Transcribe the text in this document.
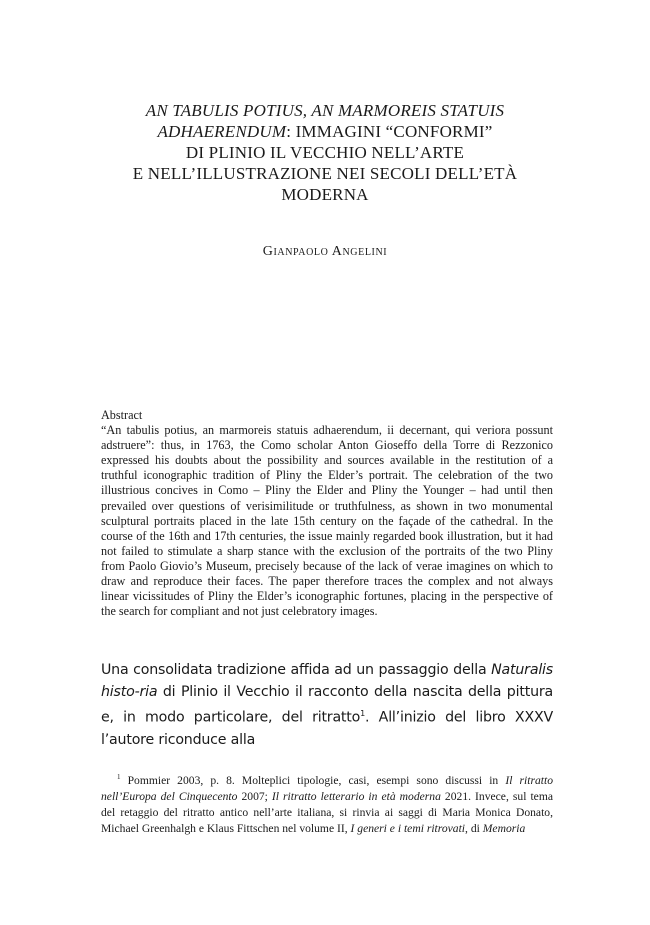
AN TABULIS POTIUS, AN MARMOREIS STATUIS
ADHAERENDUM: IMMAGINI “CONFORMI”
DI PLINIO IL VECCHIO NELL’ARTE
E NELL’ILLUSTRAZIONE NEI SECOLI DELL’ETÀ
MODERNA
Gianpaolo Angelini
Abstract
“An tabulis potius, an marmoreis statuis adhaerendum, ii decernant, qui veriora possunt adstruere”: thus, in 1763, the Como scholar Anton Gioseffo della Torre di Rezzonico expressed his doubts about the possibility and sources available in the restitution of a truthful iconographic tradition of Pliny the Elder’s portrait. The celebration of the two illustrious concives in Como – Pliny the Elder and Pliny the Younger – had until then prevailed over questions of verisimilitude or truthfulness, as shown in two monumental sculptural portraits placed in the late 15th century on the façade of the cathedral. In the course of the 16th and 17th centuries, the issue mainly regarded book illustration, but it had not failed to stimulate a sharp stance with the exclusion of the portraits of the two Pliny from Paolo Giovio’s Museum, precisely because of the lack of verae imagines on which to draw and reproduce their faces. The paper therefore traces the complex and not always linear vicissitudes of Pliny the Elder’s iconographic fortunes, placing in the perspective of the search for compliant and not just celebratory images.
Una consolidata tradizione affida ad un passaggio della Naturalis histo-ria di Plinio il Vecchio il racconto della nascita della pittura e, in modo particolare, del ritratto$^1$. All’inizio del libro XXXV l’autore riconduce alla
$^1$ Pommier 2003, p. 8. Molteplici tipologie, casi, esempi sono discussi in Il ritratto nell’Europa del Cinquecento 2007; Il ritratto letterario in età moderna 2021. Invece, sul tema del retaggio del ritratto antico nell’arte italiana, si rinvia ai saggi di Maria Monica Donato, Michael Greenhalgh e Klaus Fittschen nel volume II, I generi e i temi ritrovati, di Memoria
